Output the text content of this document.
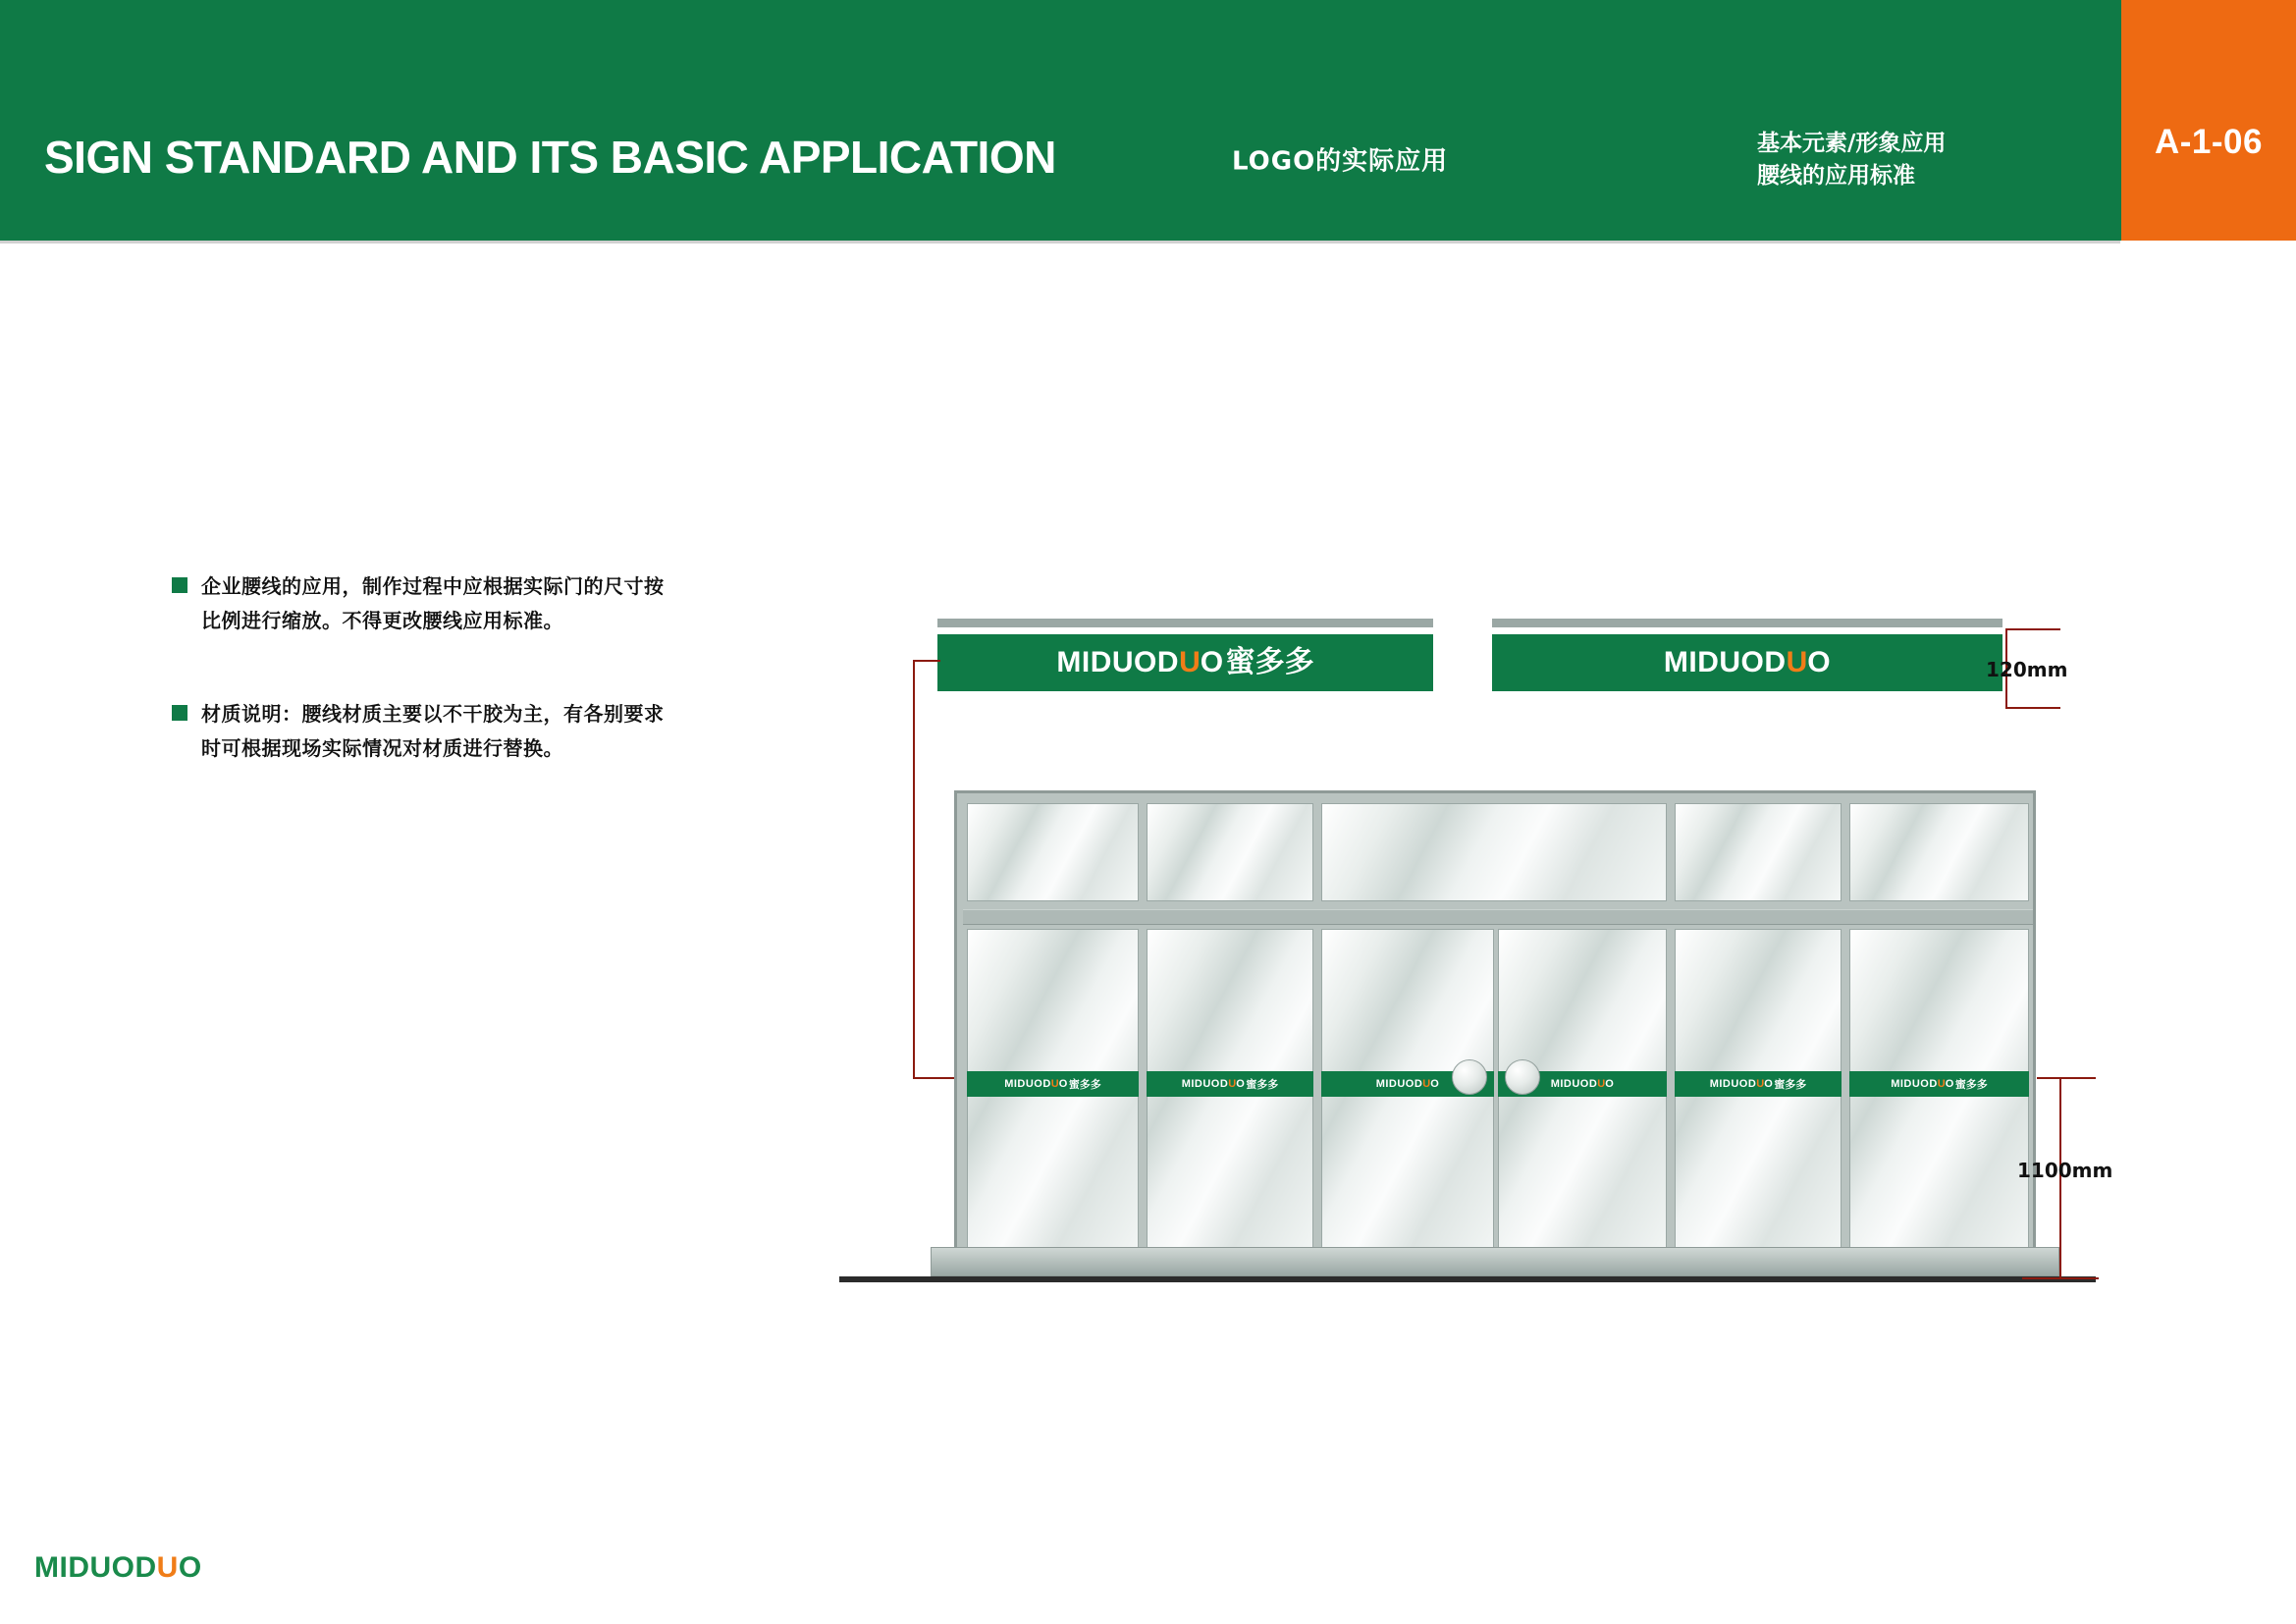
SIGN STANDARD AND ITS BASIC APPLICATION	LOGO的实际应用
基本元素/形象应用
腰线的应用标准
A-1-06
企业腰线的应用，制作过程中应根据实际门的尺寸按比例进行缩放。不得更改腰线应用标准。
材质说明：腰线材质主要以不干胶为主，有各别要求时可根据现场实际情况对材质进行替换。
MIDUOD U O 蜜多多	MIDUOD U O	120mm
MIDUOD U O 蜜多多	MIDUOD U O 蜜多多	MIDUOD U O	MIDUOD U O	MIDUOD U O 蜜多多	MIDUOD U O 蜜多多
1100mm
MIDUODUO
